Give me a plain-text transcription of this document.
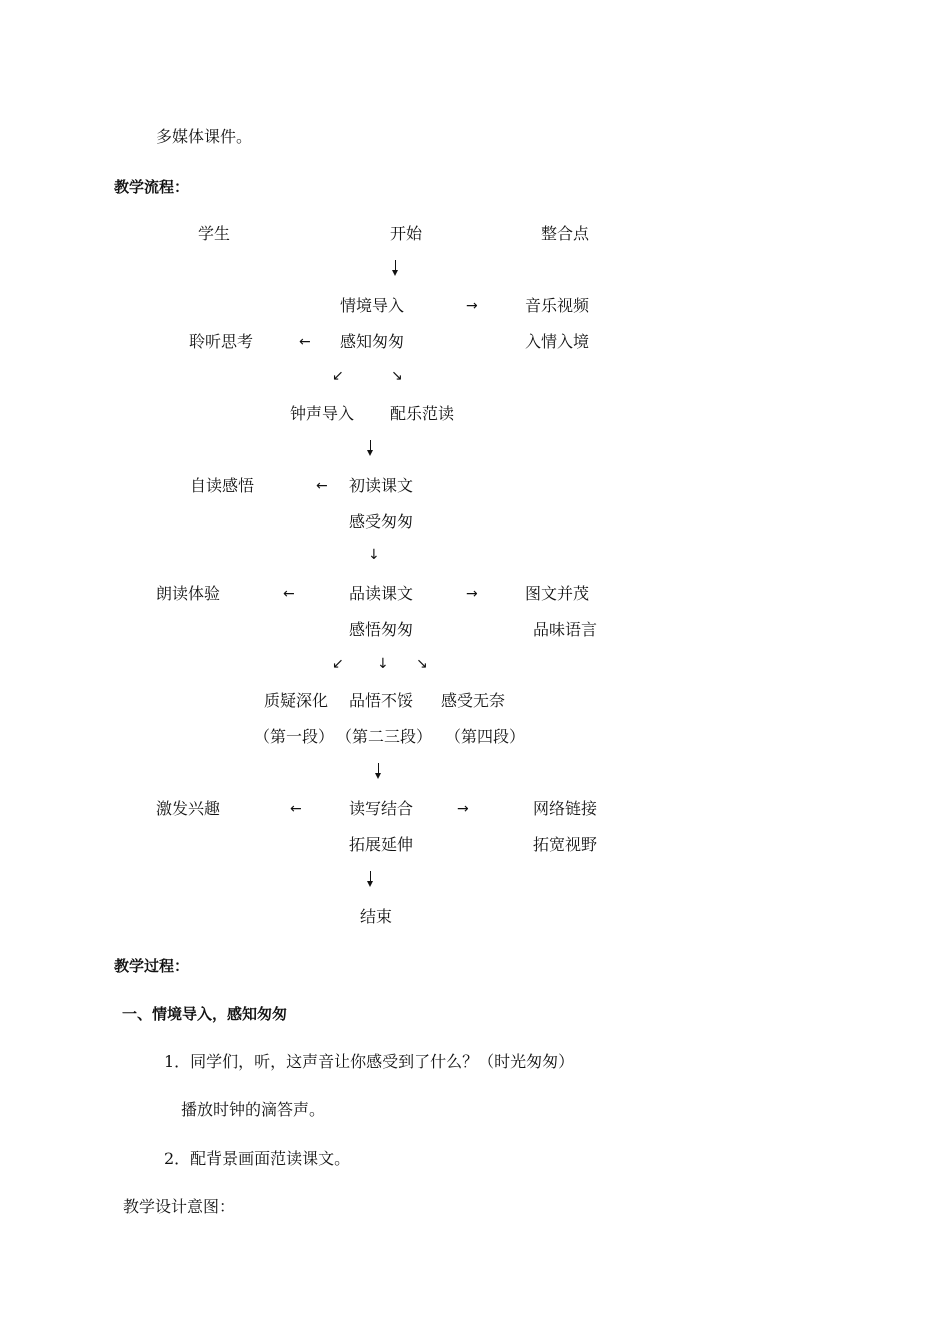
多媒体课件。
教学流程：
学生	开始	整合点
情境导入	→	音乐视频
聆听思考	← 感知匆匆	入情入境
↙	↘
钟声导入 配乐范读
自读感悟	← 初读课文
感受匆匆
↓
朗读体验	←	品读课文	→	图文并茂
感悟匆匆	品味语言
↙ ↓ ↘
质疑深化 品悟不馁 感受无奈
（第一段） （第二三段） （第四段）
激发兴趣	←	读写结合	→	网络链接
拓展延伸	拓宽视野
结束
教学过程：
一、情境导入，感知匆匆
1．同学们，听，这声音让你感受到了什么？（时光匆匆）
播放时钟的滴答声。
2．配背景画面范读课文。
教学设计意图：
